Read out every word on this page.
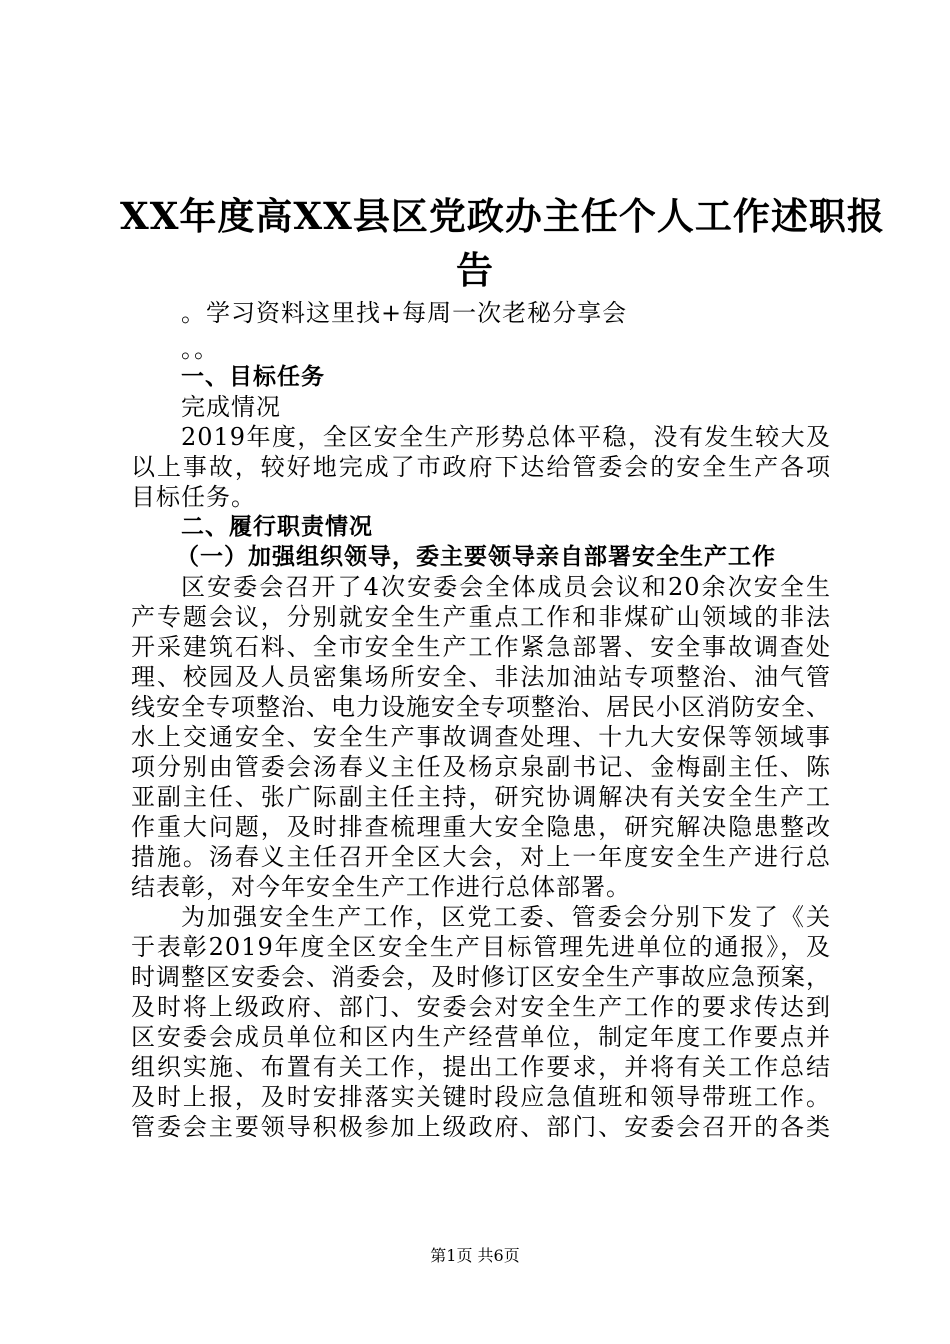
XX年度高XX县区党政办主任个人工作述职报
告
。学习资料这里找+每周一次老秘分享会
。。
一、目标任务
完成情况
2019年度，全区安全生产形势总体平稳，没有发生较大及
以上事故，较好地完成了市政府下达给管委会的安全生产各项
目标任务。
二、履行职责情况
（一）加强组织领导，委主要领导亲自部署安全生产工作
区安委会召开了4次安委会全体成员会议和20余次安全生
产专题会议，分别就安全生产重点工作和非煤矿山领域的非法
开采建筑石料、全市安全生产工作紧急部署、安全事故调查处
理、校园及人员密集场所安全、非法加油站专项整治、油气管
线安全专项整治、电力设施安全专项整治、居民小区消防安全、
水上交通安全、安全生产事故调查处理、十九大安保等领域事
项分别由管委会汤春义主任及杨京泉副书记、金梅副主任、陈
亚副主任、张广际副主任主持，研究协调解决有关安全生产工
作重大问题，及时排查梳理重大安全隐患，研究解决隐患整改
措施。汤春义主任召开全区大会，对上一年度安全生产进行总
结表彰，对今年安全生产工作进行总体部署。
为加强安全生产工作，区党工委、管委会分别下发了《关
于表彰2019年度全区安全生产目标管理先进单位的通报》，及
时调整区安委会、消委会，及时修订区安全生产事故应急预案，
及时将上级政府、部门、安委会对安全生产工作的要求传达到
区安委会成员单位和区内生产经营单位，制定年度工作要点并
组织实施、布置有关工作，提出工作要求，并将有关工作总结
及时上报，及时安排落实关键时段应急值班和领导带班工作。
管委会主要领导积极参加上级政府、部门、安委会召开的各类
第1页 共6页
